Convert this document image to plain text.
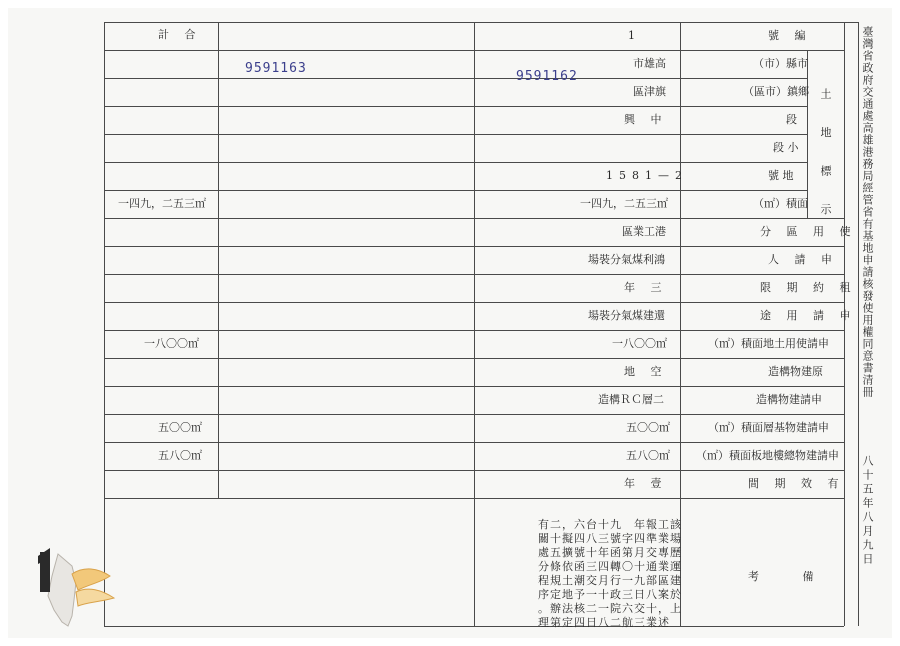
計 合
9591163
一四九，二五三㎡
一八〇〇㎡
五〇〇㎡
五八〇㎡
9591162
1
市雄高
區津旗
興 中
1581—2
一四九，二五三㎡
區業工港
場裝分氣煤利鴻
年 三
場裝分氣煤建還
一八〇〇㎡
地 空
造構ＲＣ層二
五〇〇㎡
五八〇㎡
年 壹
有二，六台十九　年報工該
關十擬四八三號字四準業場
處五擴號十年函第月交專歷
分條依函三四轉〇十通業運
程規土潮交月行一九部區建
序定地予一十政三日八案於
。辦法核二一院六交十，上
理第定四日八二航三業述
號 編
（市）縣市
（區市）鎮鄉
段
段 小
號 地
（㎡）積面 土 地 標 示
分 區 用 使
人 請 申
限 期 約 租
途 用 請 申
（㎡）積面地土用使請申
造構物建原
造構物建請申
（㎡）積面層基物建請申
（㎡）積面板地樓總物建請申
間 期 效 有
考 備
臺灣省政府交通處高雄港務局經管省有基地申請核發使用權同意書清冊
八十五年八月九日
